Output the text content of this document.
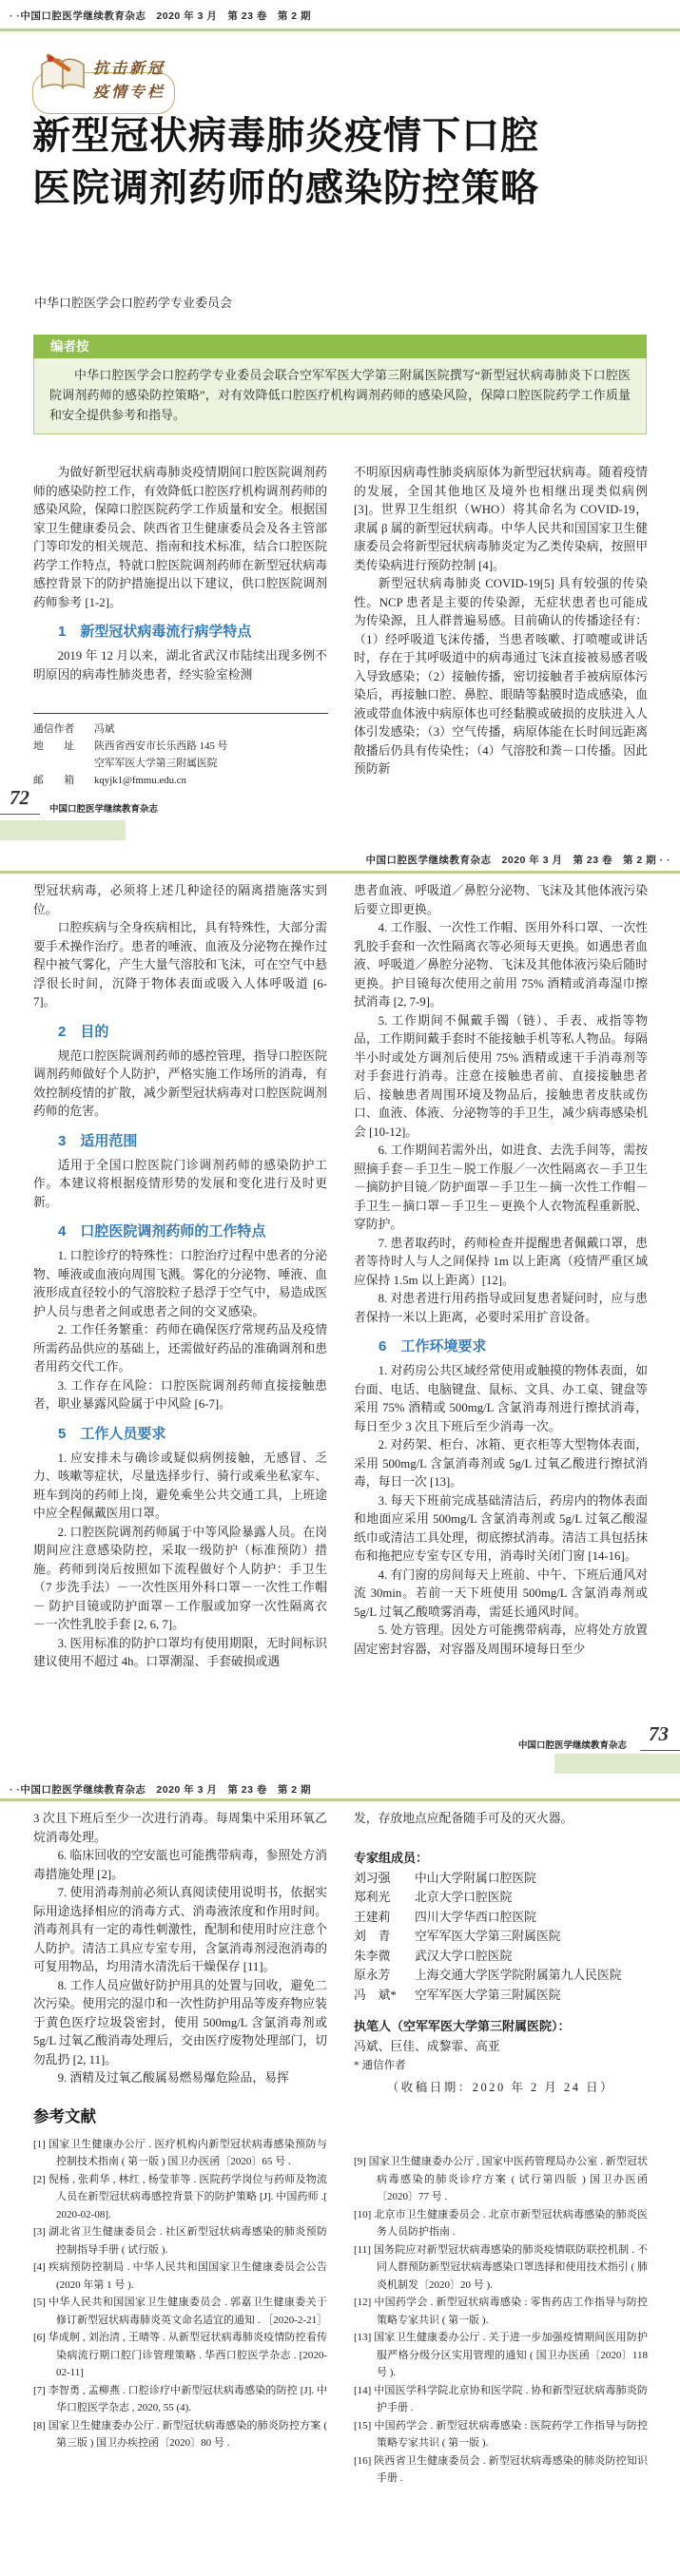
· ·中国口腔医学继续教育杂志　2020 年 3 月　第 23 卷　第 2 期
抗击新冠
疫情专栏
新型冠状病毒肺炎疫情下口腔
医院调剂药师的感染防控策略
中华口腔医学会口腔药学专业委员会
编者按
中华口腔医学会口腔药学专业委员会联合空军军医大学第三附属医院撰写“新型冠状病毒肺炎下口腔医院调剂药师的感染防控策略”，对有效降低口腔医疗机构调剂药师的感染风险，保障口腔医院药学工作质量和安全提供参考和指导。

为做好新型冠状病毒肺炎疫情期间口腔医院调剂药师的感染防控工作，有效降低口腔医疗机构调剂药师的感染风险，保障口腔医院药学工作质量和安全。根据国家卫生健康委员会、陕西省卫生健康委员会及各主管部门等印发的相关规范、指南和技术标准，结合口腔医院药学工作特点，特就口腔医院调剂药师在新型冠状病毒感控背景下的防护措施提出以下建议，供口腔医院调剂药师参考 [1-2]。

1　新型冠状病毒流行病学特点

2019 年 12 月以来，湖北省武汉市陆续出现多例不明原因的病毒性肺炎患者，经实验室检测

不明原因病毒性肺炎病原体为新型冠状病毒。随着疫情的发展，全国其他地区及境外也相继出现类似病例 [3]。世界卫生组织（WHO）将其命名为 COVID-19，隶属 β 属的新型冠状病毒。中华人民共和国国家卫生健康委员会将新型冠状病毒肺炎定为乙类传染病，按照甲类传染病进行预防控制 [4]。

新型冠状病毒肺炎 COVID-19[5] 具有较强的传染性。NCP 患者是主要的传染源，无症状患者也可能成为传染源，且人群普遍易感。目前确认的传播途径有：（1）经呼吸道飞沫传播，当患者咳嗽、打喷嚏或讲话时，存在于其呼吸道中的病毒通过飞沫直接被易感者吸入导致感染；（2）接触传播，密切接触者手被病原体污染后，再接触口腔、鼻腔、眼睛等黏膜时造成感染，血液或带血体液中病原体也可经黏膜或破损的皮肤进入人体引发感染；（3）空气传播，病原体能在长时间远距离散播后仍具有传染性；（4）气溶胶和粪－口传播。因此预防新

通信作者	冯斌
地　　址	陕西省西安市长乐西路 145 号
空军军医大学第三附属医院
邮　　箱	kqyjk1@fmmu.edu.cn
72
中国口腔医学继续教育杂志
中国口腔医学继续教育杂志　2020 年 3 月　第 23 卷　第 2 期 · ·

型冠状病毒，必须将上述几种途径的隔离措施落实到位。

口腔疾病与全身疾病相比，具有特殊性，大部分需要手术操作治疗。患者的唾液、血液及分泌物在操作过程中被气雾化，产生大量气溶胶和飞沫，可在空气中悬浮很长时间，沉降于物体表面或吸入人体呼吸道 [6-7]。

2　目的

规范口腔医院调剂药师的感控管理，指导口腔医院调剂药师做好个人防护，严格实施工作场所的消毒，有效控制疫情的扩散，减少新型冠状病毒对口腔医院调剂药师的危害。

3　适用范围

适用于全国口腔医院门诊调剂药师的感染防护工作。本建议将根据疫情形势的发展和变化进行及时更新。

4　口腔医院调剂药师的工作特点

1. 口腔诊疗的特殊性：口腔治疗过程中患者的分泌物、唾液或血液向周围飞溅。雾化的分泌物、唾液、血液形成直径较小的气溶胶粒子悬浮于空气中，易造成医护人员与患者之间或患者之间的交叉感染。

2. 工作任务繁重：药师在确保医疗常规药品及疫情所需药品供应的基础上，还需做好药品的准确调剂和患者用药交代工作。

3. 工作存在风险：口腔医院调剂药师直接接触患者，职业暴露风险属于中风险 [6-7]。

5　工作人员要求

1. 应安排未与确诊或疑似病例接触，无感冒、乏力、咳嗽等症状，尽量选择步行、骑行或乘坐私家车、班车到岗的药师上岗，避免乘坐公共交通工具，上班途中应全程佩戴医用口罩。

2. 口腔医院调剂药师属于中等风险暴露人员。在岗期间应注意感染防控，采取一级防护（标准预防）措施。药师到岗后按照如下流程做好个人防护：手卫生（7 步洗手法）－一次性医用外科口罩－一次性工作帽－ 防护目镜或防护面罩－工作服或加穿一次性隔离衣－一次性乳胶手套 [2, 6, 7]。

3. 医用标准的防护口罩均有使用期限，无时间标识建议使用不超过 4h。口罩潮湿、手套破损或遇

患者血液、呼吸道／鼻腔分泌物、飞沫及其他体液污染后要立即更换。

4. 工作服、一次性工作帽、医用外科口罩、一次性乳胶手套和一次性隔离衣等必须每天更换。如遇患者血液、呼吸道／鼻腔分泌物、飞沫及其他体液污染后随时更换。护目镜每次使用之前用 75% 酒精或消毒湿巾擦拭消毒 [2, 7-9]。

5. 工作期间不佩戴手镯（链）、手表、戒指等物品，工作期间戴手套时不能接触手机等私人物品。每隔半小时或处方调剂后使用 75% 酒精或速干手消毒剂等对手套进行消毒。注意在接触患者前、直接接触患者后、接触患者周围环境及物品后，接触患者皮肤或伤口、血液、体液、分泌物等的手卫生，减少病毒感染机会 [10-12]。

6. 工作期间若需外出，如进食、去洗手间等，需按照摘手套－手卫生－脱工作服／一次性隔离衣－手卫生－摘防护目镜／防护面罩－手卫生－摘一次性工作帽－手卫生－摘口罩－手卫生－更换个人衣物流程重新脱、穿防护。

7. 患者取药时，药师检查并提醒患者佩戴口罩，患者等待时人与人之间保持 1m 以上距离（疫情严重区域应保持 1.5m 以上距离）[12]。

8. 对患者进行用药指导或回复患者疑问时，应与患者保持一米以上距离，必要时采用扩音设备。

6　工作环境要求

1. 对药房公共区域经常使用或触摸的物体表面，如台面、电话、电脑键盘、鼠标、文具、办工桌、键盘等采用 75% 酒精或 500mg/L 含氯消毒剂进行擦拭消毒，每日至少 3 次且下班后至少消毒一次。

2. 对药架、柜台、冰箱、更衣柜等大型物体表面，采用 500mg/L 含氯消毒剂或 5g/L 过氧乙酸进行擦拭消毒，每日一次 [13]。

3. 每天下班前完成基础清洁后，药房内的物体表面和地面应采用 500mg/L 含氯消毒剂或 5g/L 过氧乙酸湿纸巾或清洁工具处理，彻底擦拭消毒。清洁工具包括抹布和拖把应专室专区专用，消毒时关闭门窗 [14-16]。

4. 有门窗的房间每天上班前、中午、下班后通风对流 30min。若前一天下班使用 500mg/L 含氯消毒剂或 5g/L 过氧乙酸喷雾消毒，需延长通风时间。

5. 处方管理。因处方可能携带病毒，应将处方放置固定密封容器，对容器及周围环境每日至少

73
中国口腔医学继续教育杂志
· ·中国口腔医学继续教育杂志　2020 年 3 月　第 23 卷　第 2 期

3 次且下班后至少一次进行消毒。每周集中采用环氧乙烷消毒处理。

6. 临床回收的空安瓿也可能携带病毒，参照处方消毒措施处理 [2]。

7. 使用消毒剂前必须认真阅读使用说明书，依据实际用途选择相应的消毒方式、消毒液浓度和作用时间。消毒剂具有一定的毒性刺激性，配制和使用时应注意个人防护。清洁工具应专室专用，含氯消毒剂浸泡消毒的可复用物品，均用清水清洗后干燥保存 [11]。

8. 工作人员应做好防护用具的处置与回收，避免二次污染。使用完的湿巾和一次性防护用品等废弃物应装于黄色医疗垃圾袋密封，使用 500mg/L 含氯消毒剂或 5g/L 过氧乙酸消毒处理后，交由医疗废物处理部门，切勿乱扔 [2, 11]。

9. 酒精及过氧乙酸属易燃易爆危险品，易挥

参考文献

[1] 国家卫生健康办公厅 . 医疗机构内新型冠状病毒感染预防与控制技术指南 ( 第一版 ) 国卫办医函〔2020〕65 号 .

[2] 倪杨 , 张莉华 , 林红 , 杨莹菲等 . 医院药学岗位与药师及物流人员在新型冠状病毒感控背景下的防护策略 [J]. 中国药师 .[ 2020-02-08].

[3] 湖北省卫生健康委员会 . 社区新型冠状病毒感染的肺炎预防控制指导手册 ( 试行版 ).

[4] 疾病预防控制局 . 中华人民共和国国家卫生健康委员会公告 (2020 年第 1 号 ).

[5] 中华人民共和国国家卫生健康委员会 . 郭嘉卫生健康委关于修订新型冠状病毒肺炎英文命名适宜的通知 . ［2020-2-21］

[6] 华成舸 , 刘治清 , 王晴等 . 从新型冠状病毒肺炎疫情防控看传染病流行期口腔门诊管理策略 . 华西口腔医学杂志 . [2020- 02-11]

[7] 李智勇 , 孟柳燕 . 口腔诊疗中新型冠状病毒感染的防控 [J]. 中华口腔医学杂志 , 2020, 55 (4).

[8] 国家卫生健康委办公厅 . 新型冠状病毒感染的肺炎防控方案 ( 第三版 ) 国卫办疾控函〔2020〕80 号 .

发，存放地点应配备随手可及的灭火器。

专家组成员：
刘习强	中山大学附属口腔医院
郑利光	北京大学口腔医院
王建莉	四川大学华西口腔医院
刘　青	空军军医大学第三附属医院
朱李微	武汉大学口腔医院
原永芳	上海交通大学医学院附属第九人民医院
冯　斌*	空军军医大学第三附属医院
执笔人（空军军医大学第三附属医院）：
冯斌、巨佳、成黎霏、高亚
* 通信作者
（收稿日期：2020 年 2 月 24 日）

[9] 国家卫生健康委办公厅 , 国家中医药管理局办公室 . 新型冠状病毒感染的肺炎诊疗方案 ( 试行第四版 ) 国卫办医函〔2020〕77 号 .

[10] 北京市卫生健康委员会 . 北京市新型冠状病毒感染的肺炎医务人员防护指南 .

[11] 国务院应对新型冠状病毒感染的肺炎疫情联防联控机制 . 不同人群预防新型冠状病毒感染口罩选择和使用技术指引 ( 肺炎机制发〔2020〕20 号 ).

[12] 中国药学会 . 新型冠状病毒感染 : 零售药店工作指导与防控策略专家共识 ( 第一版 ).

[13] 国家卫生健康委办公厅 . 关于进一步加强疫情期间医用防护服严格分级分区实用管理的通知 ( 国卫办医函〔2020〕118 号 ).

[14] 中国医学科学院北京协和医学院 . 协和新型冠状病毒肺炎防护手册 .

[15] 中国药学会 . 新型冠状病毒感染 : 医院药学工作指导与防控策略专家共识 ( 第一版 ).

[16] 陕西省卫生健康委员会 . 新型冠状病毒感染的肺炎防控知识手册 .
